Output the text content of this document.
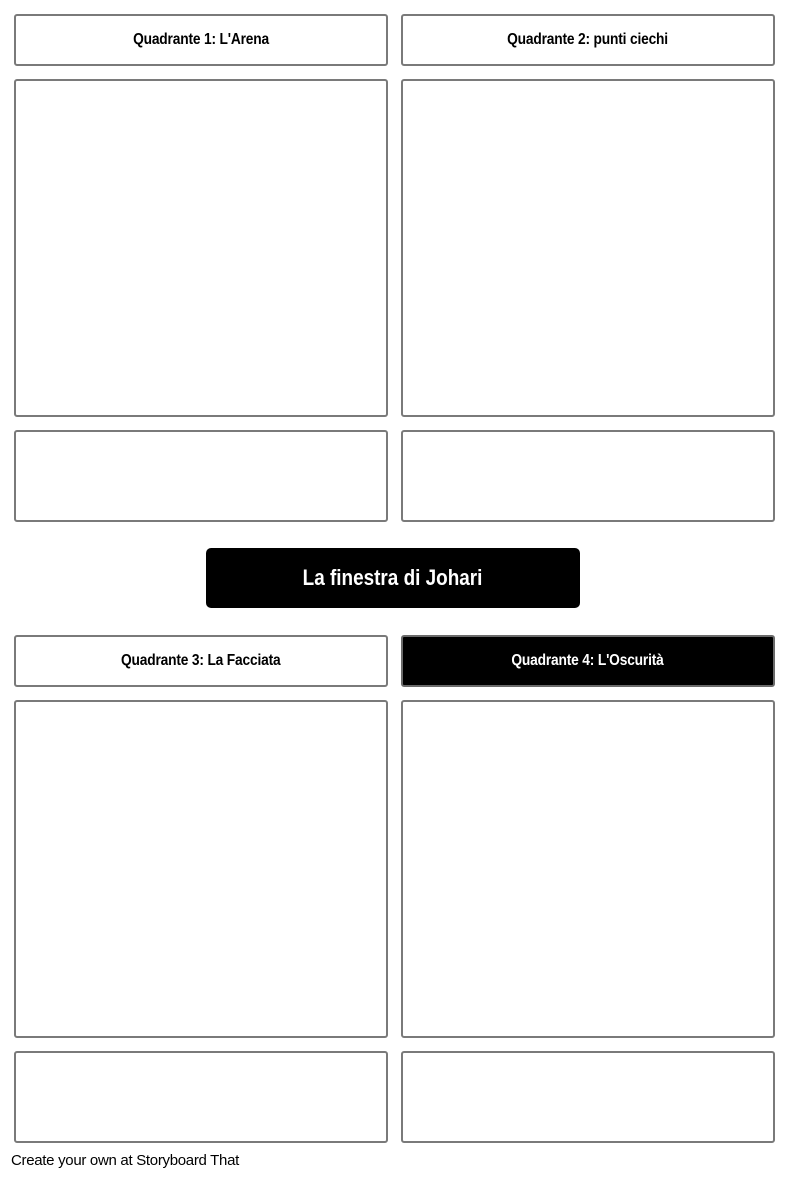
Quadrante 1: L'Arena	Quadrante 2: punti ciechi
La finestra di Johari
Quadrante 3: La Facciata	Quadrante 4: L'Oscurità
Create your own at Storyboard That
